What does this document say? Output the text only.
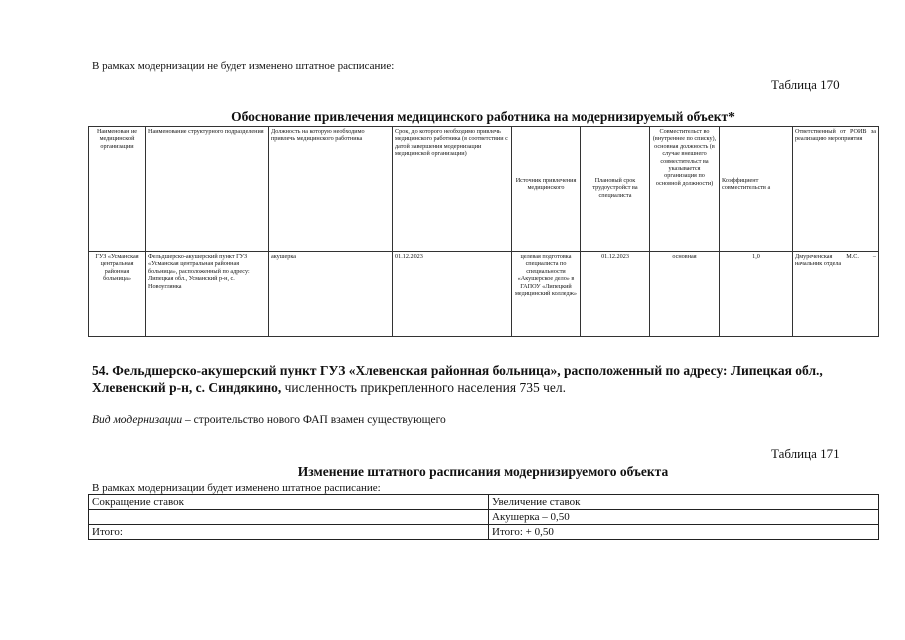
В рамках модернизации не будет изменено штатное расписание:
Таблица 170
Обоснование привлечения медицинского работника на модернизируемый объект*
Наименован ие медицинской организации	Наименование структурного подразделения	Должность на которую необходимо привлечь медицинского работника	Срок, до которого необходимо привлечь медицинского работника (в соответствии с датой завершения модернизации медицинской организации)	Источник привлечения медицинского	Плановый срок трудоустройст ва специалиста	Совместительст во (внутреннее по списку), основная должность (в случае внешнего совместительст ва указывается организация по основной должности)	Коэффициент совместительств а	Ответственный от РОИВ за реализацию мероприятия
ГУЗ «Усманская центральная районная больница»	Фельдшерско-акушерский пункт ГУЗ «Усманская центральная районная больница», расположенный по адресу: Липецкая обл., Усманский р-н, с. Новоуглянка	акушерка	01.12.2023	целевая подготовка специалиста по специальности «Акушерское дело» в ГАПОУ «Липецкий медицинский колледж»	01.12.2023	основная	1,0	Дмуреченская М.С. – начальник отдела
54. Фельдшерско-акушерский пункт ГУЗ «Хлевенская районная больница», расположенный по адресу: Липецкая обл., Хлевенский р-н, с. Синдякино, численность прикрепленного населения 735 чел.
Вид модернизации – строительство нового ФАП взамен существующего
Таблица 171
Изменение штатного расписания модернизируемого объекта
В рамках модернизации будет изменено штатное расписание:
Сокращение ставок	Увеличение ставок
	Акушерка – 0,50
Итого:	Итого: + 0,50
